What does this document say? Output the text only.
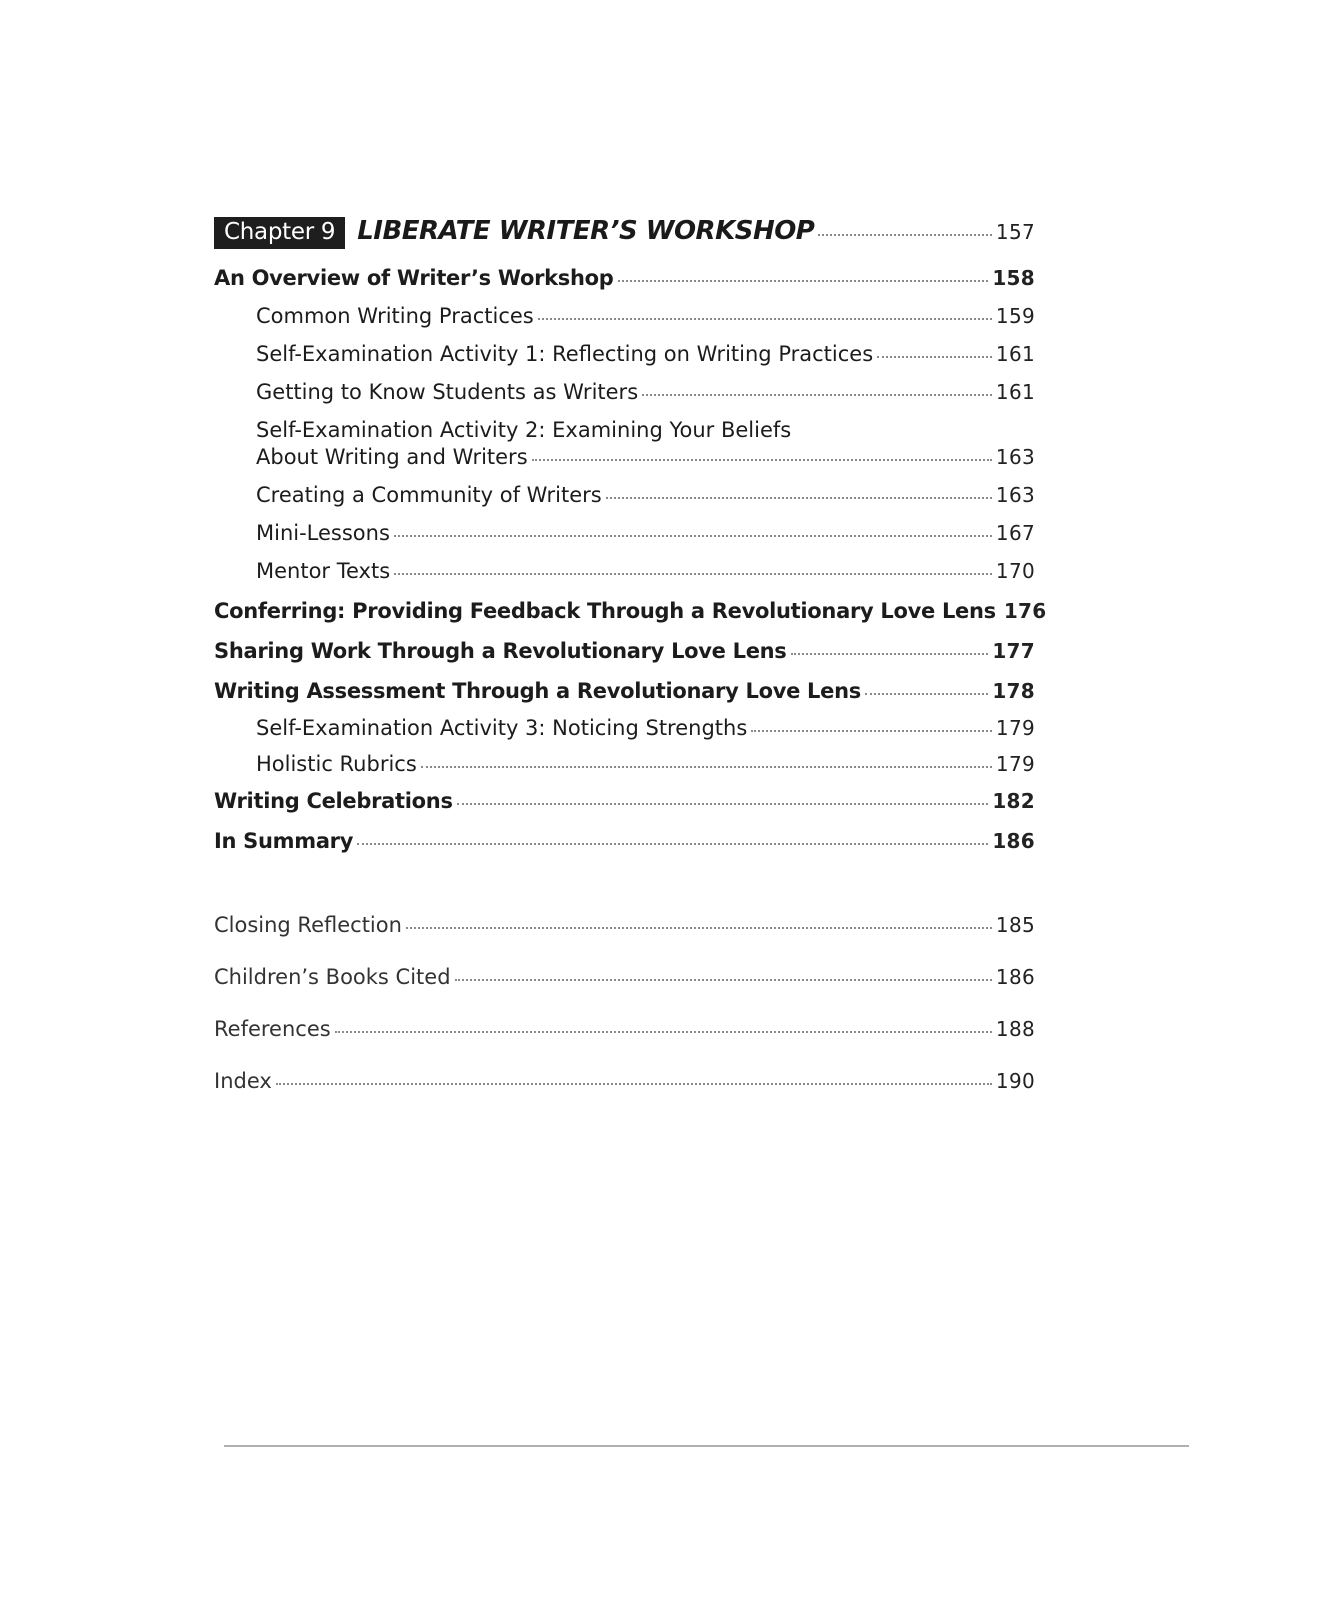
Chapter 9 LIBERATE WRITER’S WORKSHOP	157
An Overview of Writer’s Workshop	158
Common Writing Practices	159
Self-Examination Activity 1: Reflecting on Writing Practices	161
Getting to Know Students as Writers	161
Self-Examination Activity 2: Examining Your Beliefs
About Writing and Writers	163
Creating a Community of Writers	163
Mini-Lessons	167
Mentor Texts	170
Conferring: Providing Feedback Through a Revolutionary Love Lens 176
Sharing Work Through a Revolutionary Love Lens	177
Writing Assessment Through a Revolutionary Love Lens	178
Self-Examination Activity 3: Noticing Strengths	179
Holistic Rubrics	179
Writing Celebrations	182
In Summary	186
Closing Reflection	185
Children’s Books Cited	186
References	188
Index	190
